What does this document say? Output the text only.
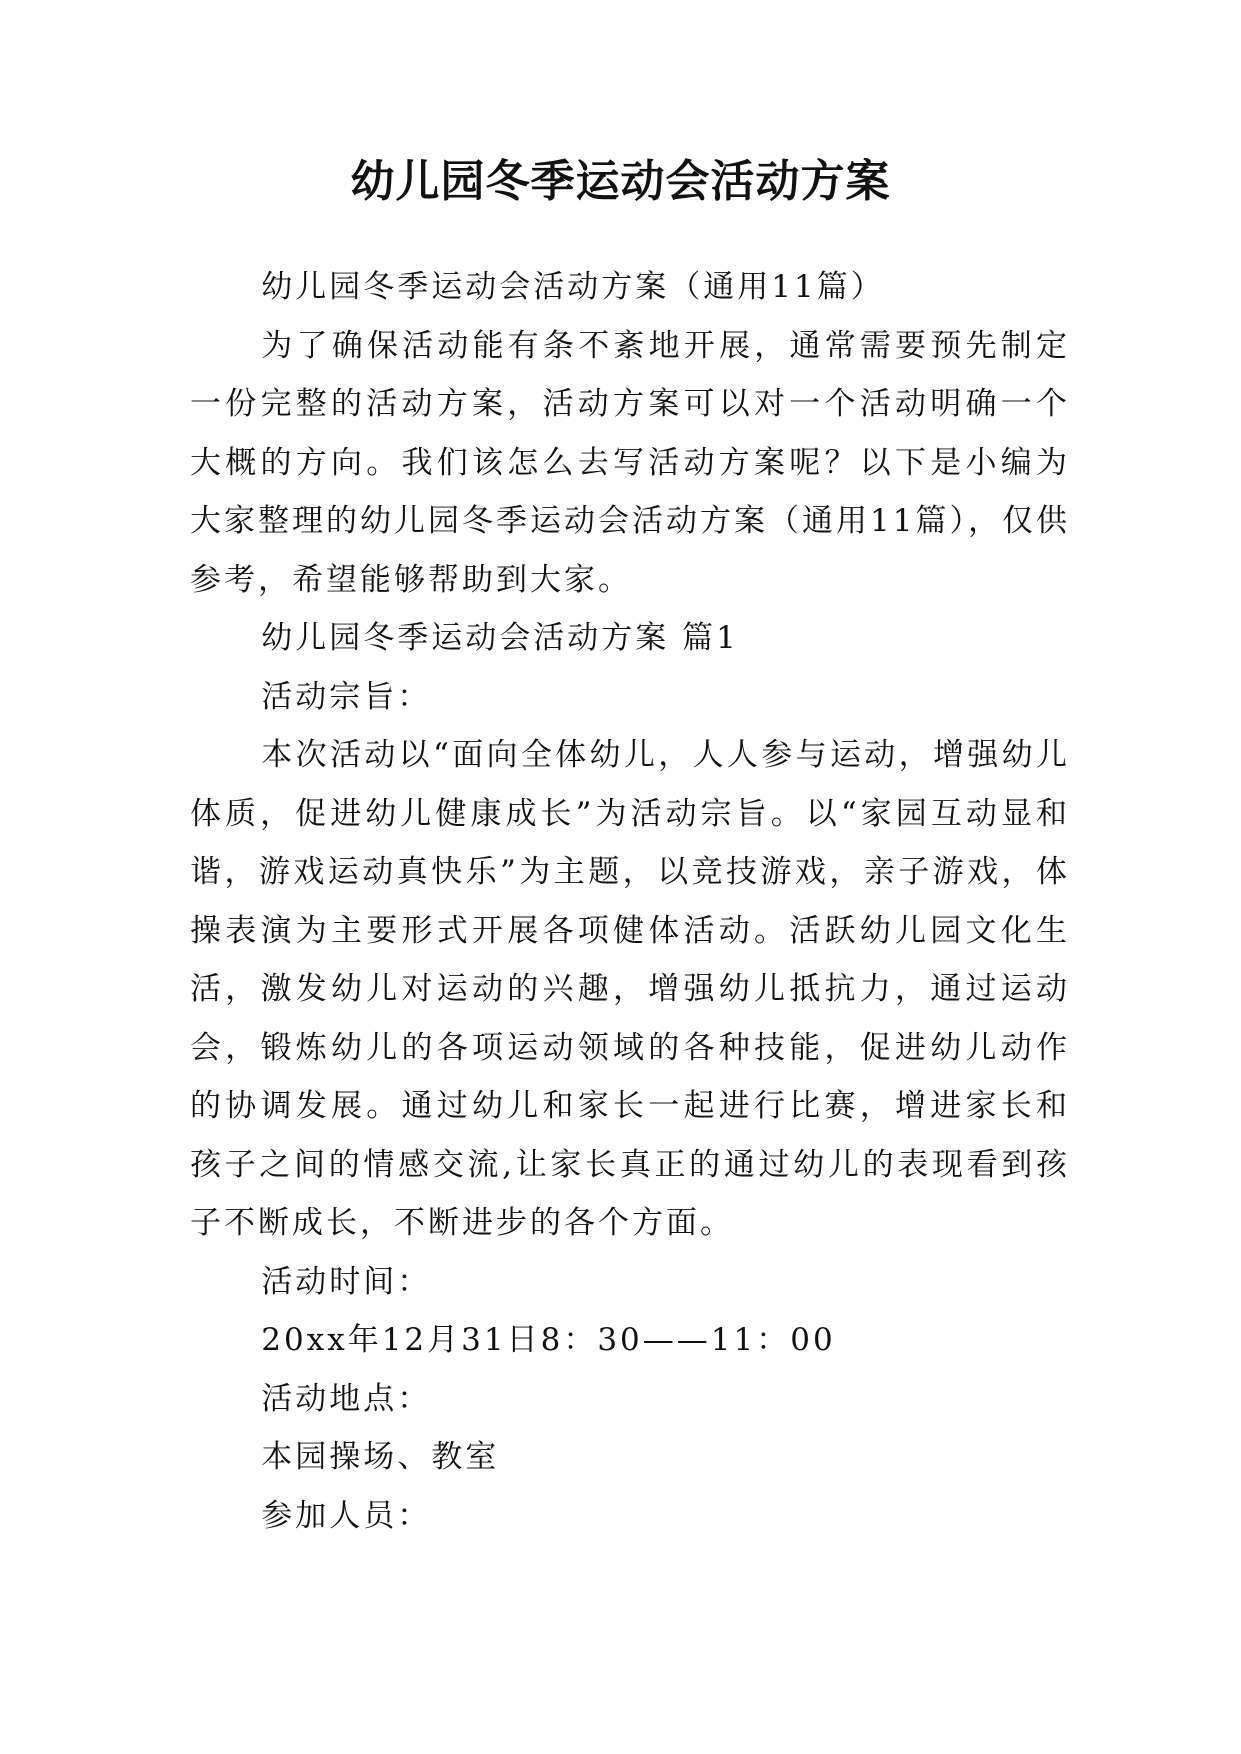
幼儿园冬季运动会活动方案

幼儿园冬季运动会活动方案（通用11篇）

为了确保活动能有条不紊地开展，通常需要预先制定一份完整的活动方案，活动方案可以对一个活动明确一个大概的方向。我们该怎么去写活动方案呢？以下是小编为大家整理的幼儿园冬季运动会活动方案（通用11篇），仅供参考，希望能够帮助到大家。

幼儿园冬季运动会活动方案 篇1

活动宗旨：

本次活动以“面向全体幼儿，人人参与运动，增强幼儿体质，促进幼儿健康成长”为活动宗旨。以“家园互动显和谐，游戏运动真快乐”为主题，以竞技游戏，亲子游戏，体操表演为主要形式开展各项健体活动。活跃幼儿园文化生活，激发幼儿对运动的兴趣，增强幼儿抵抗力，通过运动会，锻炼幼儿的各项运动领域的各种技能，促进幼儿动作的协调发展。通过幼儿和家长一起进行比赛，增进家长和孩子之间的情感交流,让家长真正的通过幼儿的表现看到孩子不断成长，不断进步的各个方面。

活动时间：

20xx年12月31日8：30——11：00

活动地点：

本园操场、教室

参加人员：
